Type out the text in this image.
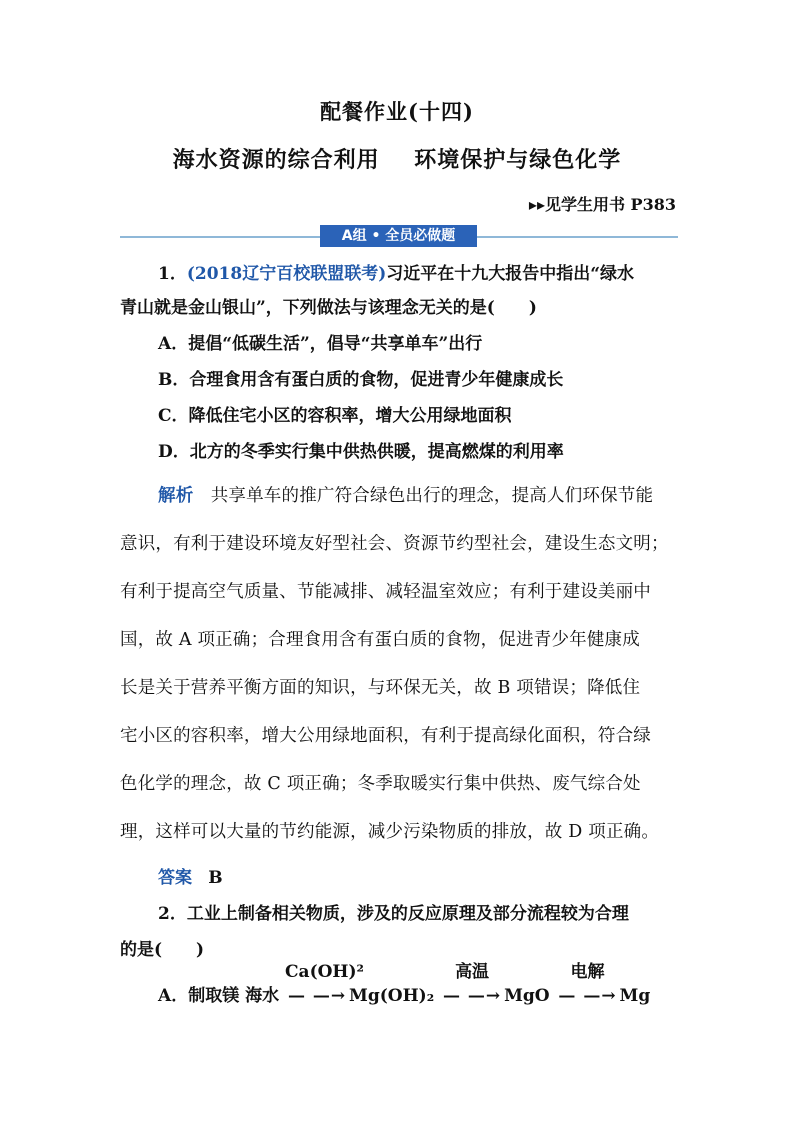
配餐作业(十四)
海水资源的综合利用    环境保护与绿色化学
▸▸见学生用书 P383
A组 • 全员必做题
1．(2018辽宁百校联盟联考)习近平在十九大报告中指出“绿水
青山就是金山银山”，下列做法与该理念无关的是(　　)
A．提倡“低碳生活”，倡导“共享单车”出行
B．合理食用含有蛋白质的食物，促进青少年健康成长
C．降低住宅小区的容积率，增大公用绿地面积
D．北方的冬季实行集中供热供暖，提高燃煤的利用率
解析 共享单车的推广符合绿色出行的理念，提高人们环保节能
意识，有利于建设环境友好型社会、资源节约型社会，建设生态文明；
有利于提高空气质量、节能减排、减轻温室效应；有利于建设美丽中
国，故 A 项正确；合理食用含有蛋白质的食物，促进青少年健康成
长是关于营养平衡方面的知识，与环保无关，故 B 项错误；降低住
宅小区的容积率，增大公用绿地面积，有利于提高绿化面积，符合绿
色化学的理念，故 C 项正确；冬季取暖实行集中供热、废气综合处
理，这样可以大量的节约能源，减少污染物质的排放，故 D 项正确。
答案 B
2．工业上制备相关物质，涉及的反应原理及部分流程较为合理
的是(　　)
A．制取镁 海水
Ca(OH)²
— —→ Mg(OH)₂
高温
— —→ MgO
电解
— —→ Mg
